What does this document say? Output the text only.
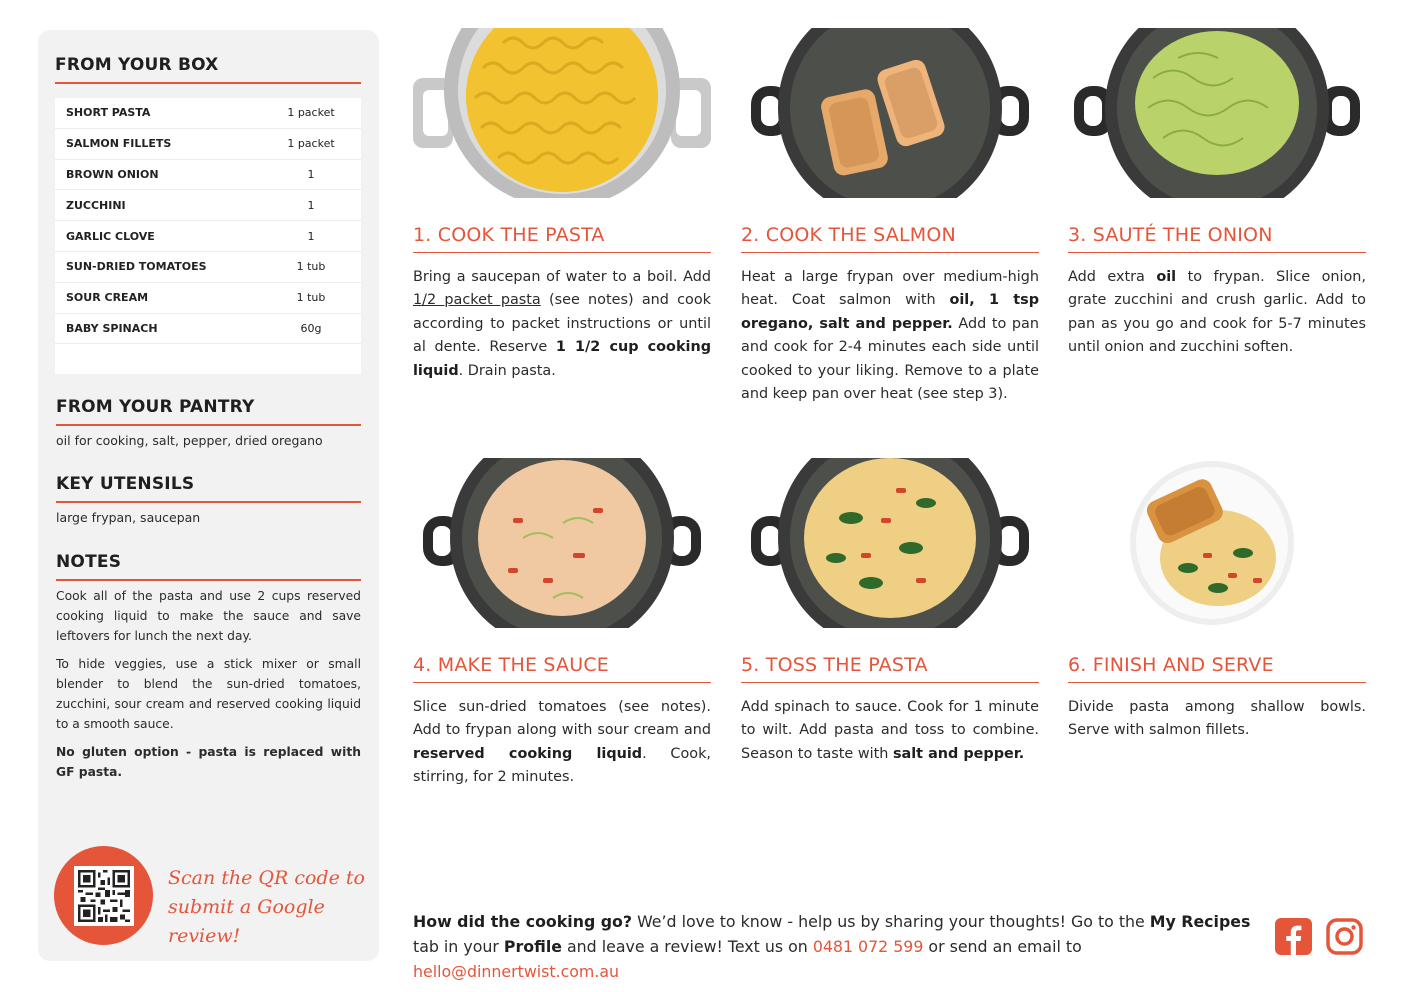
FROM YOUR BOX
SHORT PASTA	1 packet
SALMON FILLETS	1 packet
BROWN ONION	1
ZUCCHINI	1
GARLIC CLOVE	1
SUN-DRIED TOMATOES	1 tub
SOUR CREAM	1 tub
BABY SPINACH	60g
FROM YOUR PANTRY
oil for cooking, salt, pepper, dried oregano
KEY UTENSILS
large frypan, saucepan
NOTES

Cook all of the pasta and use 2 cups reserved cooking liquid to make the sauce and save leftovers for lunch the next day.

To hide veggies, use a stick mixer or small blender to blend the sun-dried tomatoes, zucchini, sour cream and reserved cooking liquid to a smooth sauce.

No gluten option - pasta is replaced with GF pasta.

Scan the QR code to
submit a Google review!
1. COOK THE PASTA
Bring a saucepan of water to a boil. Add 1/2 packet pasta (see notes) and cook according to packet instructions or until al dente. Reserve 1 1/2 cup cooking liquid. Drain pasta.
2. COOK THE SALMON
Heat a large frypan over medium-high heat. Coat salmon with oil, 1 tsp oregano, salt and pepper. Add to pan and cook for 2-4 minutes each side until cooked to your liking. Remove to a plate and keep pan over heat (see step 3).
3. SAUTÉ THE ONION
Add extra oil to frypan. Slice onion, grate zucchini and crush garlic. Add to pan as you go and cook for 5-7 minutes until onion and zucchini soften.
4. MAKE THE SAUCE
Slice sun-dried tomatoes (see notes). Add to frypan along with sour cream and reserved cooking liquid. Cook, stirring, for 2 minutes.
5. TOSS THE PASTA
Add spinach to sauce. Cook for 1 minute to wilt. Add pasta and toss to combine. Season to taste with salt and pepper.
6. FINISH AND SERVE
Divide pasta among shallow bowls. Serve with salmon fillets.
How did the cooking go? We’d love to know - help us by sharing your thoughts! Go to the My Recipes tab in your Profile and leave a review! Text us on 0481 072 599 or send an email to hello@dinnertwist.com.au
